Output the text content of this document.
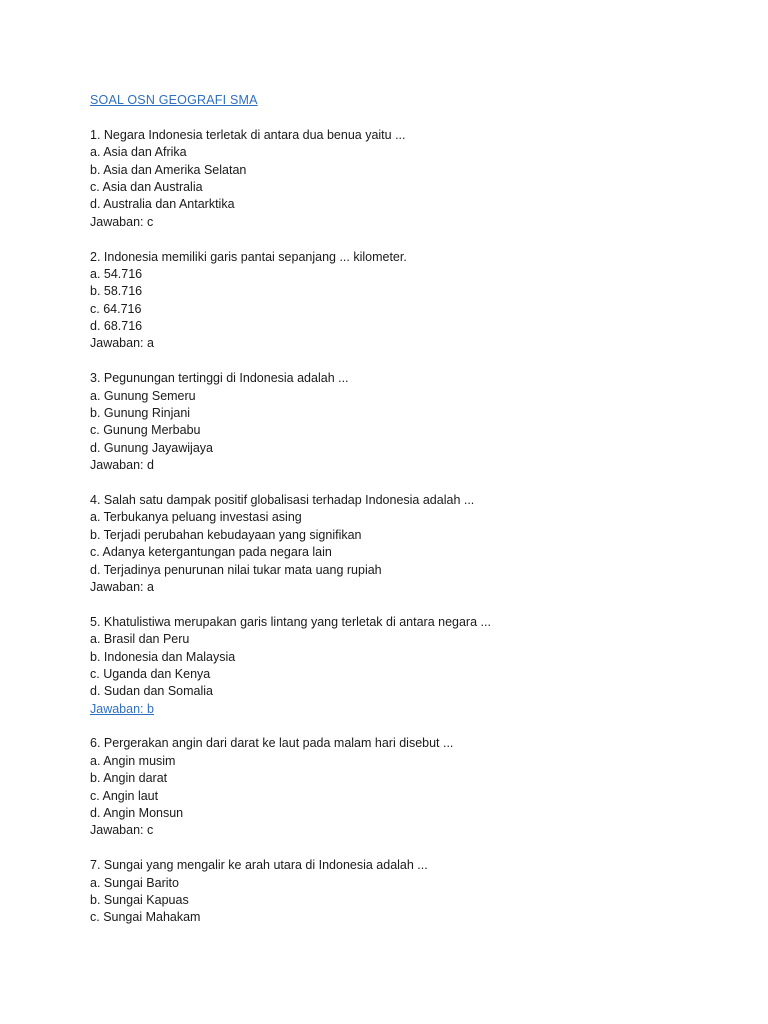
SOAL OSN GEOGRAFI SMA
1. Negara Indonesia terletak di antara dua benua yaitu ...
a. Asia dan Afrika
b. Asia dan Amerika Selatan
c. Asia dan Australia
d. Australia dan Antarktika
Jawaban: c
2. Indonesia memiliki garis pantai sepanjang ... kilometer.
a. 54.716
b. 58.716
c. 64.716
d. 68.716
Jawaban: a
3. Pegunungan tertinggi di Indonesia adalah ...
a. Gunung Semeru
b. Gunung Rinjani
c. Gunung Merbabu
d. Gunung Jayawijaya
Jawaban: d
4. Salah satu dampak positif globalisasi terhadap Indonesia adalah ...
a. Terbukanya peluang investasi asing
b. Terjadi perubahan kebudayaan yang signifikan
c. Adanya ketergantungan pada negara lain
d. Terjadinya penurunan nilai tukar mata uang rupiah
Jawaban: a
5. Khatulistiwa merupakan garis lintang yang terletak di antara negara ...
a. Brasil dan Peru
b. Indonesia dan Malaysia
c. Uganda dan Kenya
d. Sudan dan Somalia
Jawaban: b
6. Pergerakan angin dari darat ke laut pada malam hari disebut ...
a. Angin musim
b. Angin darat
c. Angin laut
d. Angin Monsun
Jawaban: c
7. Sungai yang mengalir ke arah utara di Indonesia adalah ...
a. Sungai Barito
b. Sungai Kapuas
c. Sungai Mahakam
